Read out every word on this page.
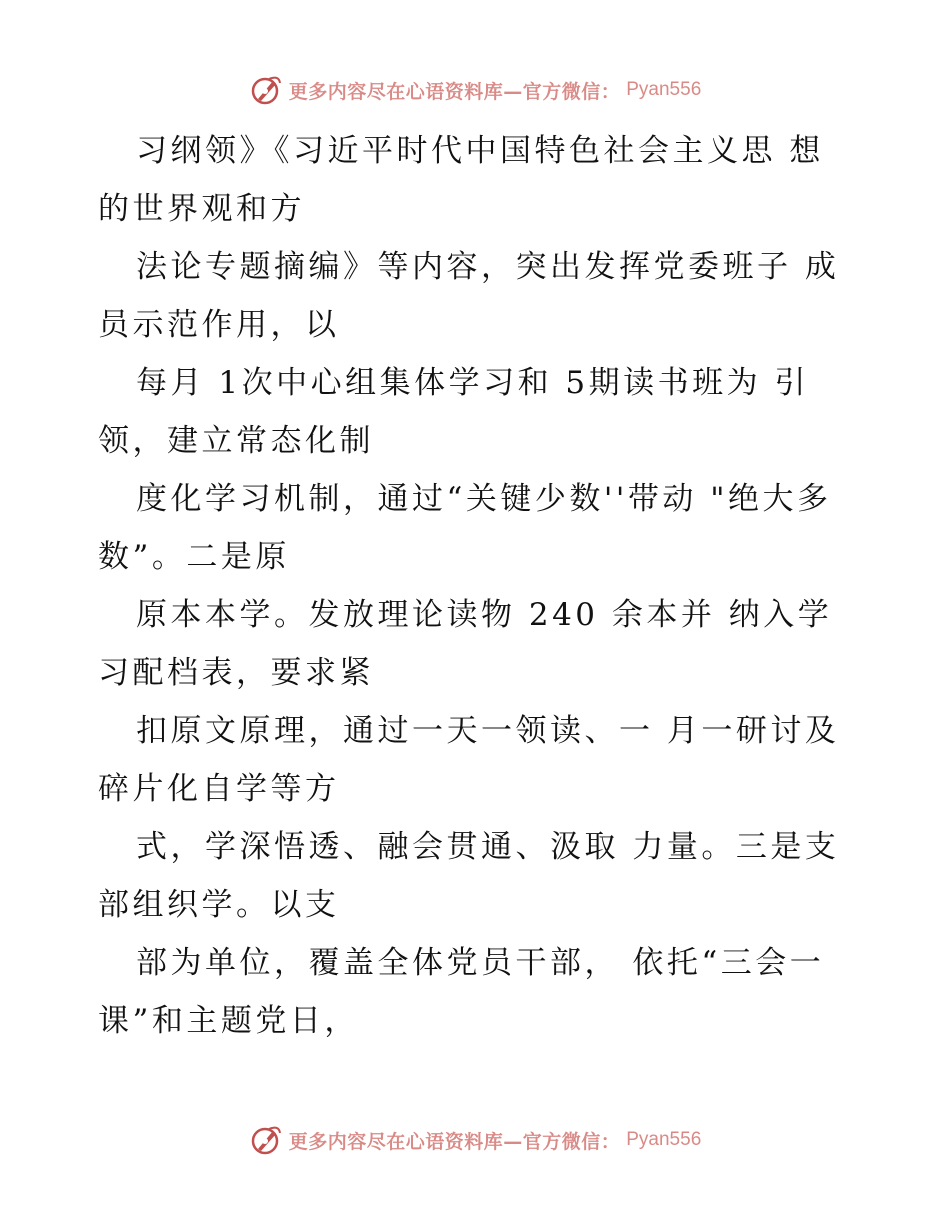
更多内容尽在心语资料库—官方微信： Pyan556

习纲领》《习近平时代中国特色社会主义思 想的世界观和方

法论专题摘编》等内容，突出发挥党委班子 成员示范作用，以

每月 1次中心组集体学习和 5期读书班为 引领，建立常态化制

度化学习机制，通过“关键少数''带动 "绝大多数”。二是原

原本本学。发放理论读物 240 余本并 纳入学习配档表，要求紧

扣原文原理，通过一天一领读、一 月一研讨及碎片化自学等方

式，学深悟透、融会贯通、汲取 力量。三是支部组织学。以支

部为单位，覆盖全体党员干部， 依托“三会一课”和主题党日，

更多内容尽在心语资料库—官方微信： Pyan556
